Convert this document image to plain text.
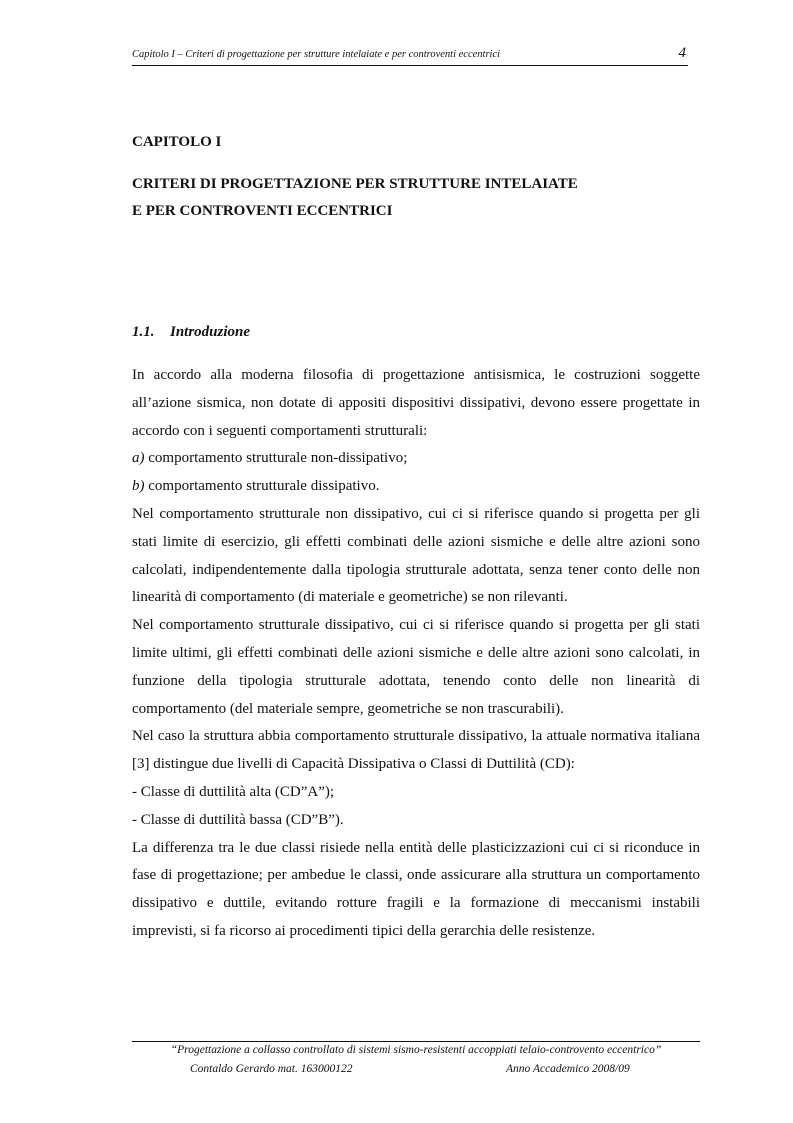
Capitolo I – Criteri di progettazione per strutture intelaiate e per controventi eccentrici	4
CAPITOLO I
CRITERI DI PROGETTAZIONE PER STRUTTURE INTELAIATE
E PER CONTROVENTI ECCENTRICI
1.1. Introduzione

In accordo alla moderna filosofia di progettazione antisismica, le costruzioni soggette all’azione sismica, non dotate di appositi dispositivi dissipativi, devono essere progettate in accordo con i seguenti comportamenti strutturali:

a) comportamento strutturale non-dissipativo;

b) comportamento strutturale dissipativo.

Nel comportamento strutturale non dissipativo, cui ci si riferisce quando si progetta per gli stati limite di esercizio, gli effetti combinati delle azioni sismiche e delle altre azioni sono calcolati, indipendentemente dalla tipologia strutturale adottata, senza tener conto delle non linearità di comportamento (di materiale e geometriche) se non rilevanti.

Nel comportamento strutturale dissipativo, cui ci si riferisce quando si progetta per gli stati limite ultimi, gli effetti combinati delle azioni sismiche e delle altre azioni sono calcolati, in funzione della tipologia strutturale adottata, tenendo conto delle non linearità di comportamento (del materiale sempre, geometriche se non trascurabili).

Nel caso la struttura abbia comportamento strutturale dissipativo, la attuale normativa italiana [3] distingue due livelli di Capacità Dissipativa o Classi di Duttilità (CD):

- Classe di duttilità alta (CD”A”);

- Classe di duttilità bassa (CD”B”).

La differenza tra le due classi risiede nella entità delle plasticizzazioni cui ci si riconduce in fase di progettazione; per ambedue le classi, onde assicurare alla struttura un comportamento dissipativo e duttile, evitando rotture fragili e la formazione di meccanismi instabili imprevisti, si fa ricorso ai procedimenti tipici della gerarchia delle resistenze.

“Progettazione a collasso controllato di sistemi sismo-resistenti accoppiati telaio-controvento eccentrico”
Contaldo Gerardo mat. 163000122	Anno Accademico 2008/09
